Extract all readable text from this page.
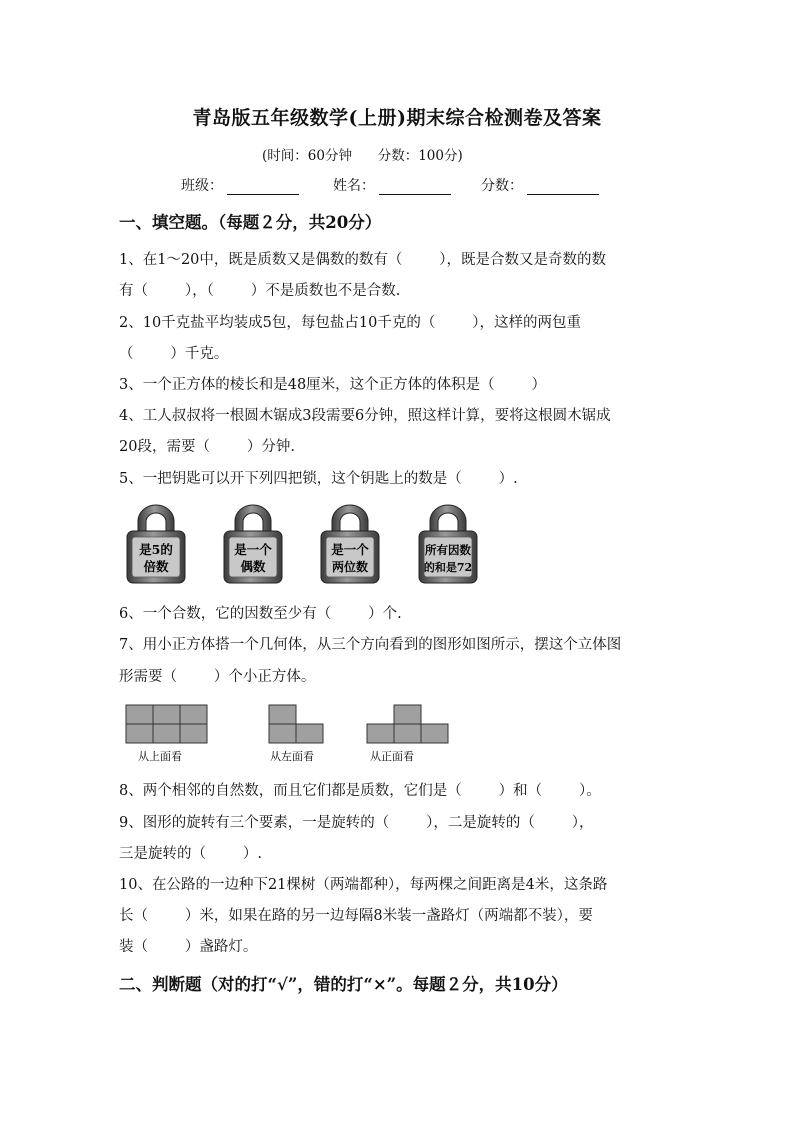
青岛版五年级数学(上册)期末综合检测卷及答案
(时间：60分钟      分数：100分)
班级：	姓名：	分数：
一、填空题。（每题２分，共20分）
1、在1～20中，既是质数又是偶数的数有（        ），既是合数又是奇数的数
有（        ），（        ）不是质数也不是合数.
2、10千克盐平均装成5包，每包盐占10千克的（        ），这样的两包重
（        ）千克。
3、一个正方体的棱长和是48厘米，这个正方体的体积是（        ）
4、工人叔叔将一根圆木锯成3段需要6分钟，照这样计算，要将这根圆木锯成
20段，需要（        ）分钟.
5、一把钥匙可以开下列四把锁，这个钥匙上的数是（        ）.
是5的
倍数
是一个
偶数
是一个
两位数
所有因数
的和是72
6、一个合数，它的因数至少有（        ）个.
7、用小正方体搭一个几何体，从三个方向看到的图形如图所示，摆这个立体图
形需要（        ）个小正方体。
从上面看	从左面看	从正面看
8、两个相邻的自然数，而且它们都是质数，它们是（        ）和（        ）。
9、图形的旋转有三个要素，一是旋转的（        ），二是旋转的（        ），
三是旋转的（        ）.
10、在公路的一边种下21棵树（两端都种），每两棵之间距离是4米，这条路
长（        ）米，如果在路的另一边每隔8米装一盏路灯（两端都不装），要
装（        ）盏路灯。
二、判断题（对的打“√”，错的打“×”。每题２分，共10分）
